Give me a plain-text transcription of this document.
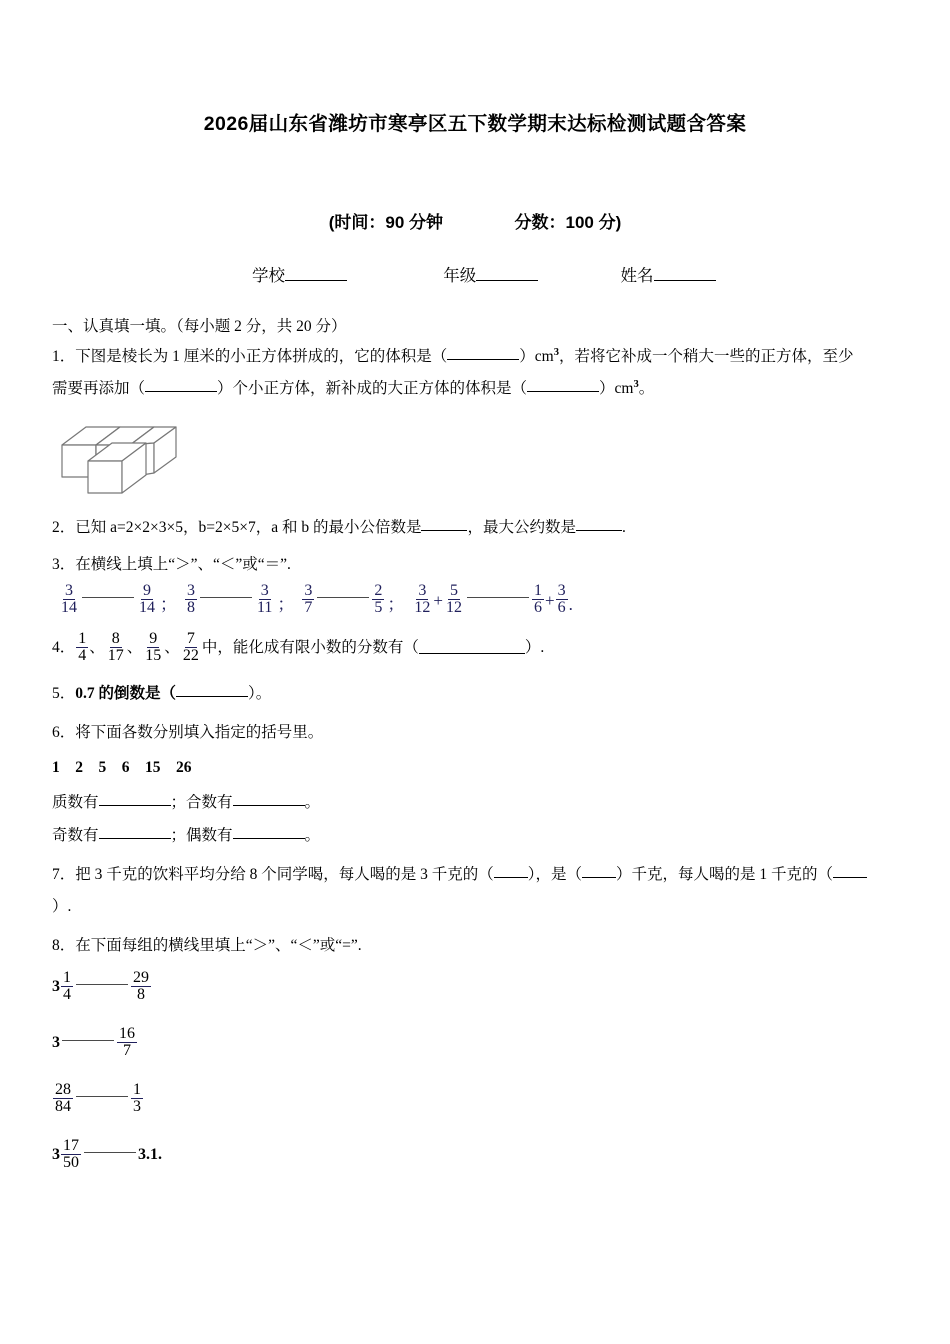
2026届山东省潍坊市寒亭区五下数学期末达标检测试题含答案
(时间：90 分钟	分数：100 分)
学校	年级	姓名
一、认真填一填。（每小题 2 分，共 20 分）
1．下图是棱长为 1 厘米的小正方体拼成的，它的体积是（	）$cm^3$，若将它补成一个稍大一些的正方体，至少
需要再添加（	）个小正方体，新补成的大正方体的体积是（	）$cm^3$。
2．已知 a=2×2×3×5，b=2×5×7，a 和 b 的最小公倍数是	，最大公约数是	.
3．在横线上填上“＞”、“＜”或“＝”.
$\frac{3}{14}$	$\frac{9}{14}$ ； $\frac{3}{8}$	$\frac{3}{11}$ ； $\frac{3}{7}$	$\frac{2}{5}$ ； $\frac{3}{12} + \frac{5}{12}$	$\frac{1}{6} + \frac{3}{6}$ .
4． $\frac{1}{4}$ 、 $\frac{8}{17}$ 、 $\frac{9}{15}$ 、 $\frac{7}{22}$ 中，能化成有限小数的分数有（	）.
5．0.7 的倒数是（	）。
6．将下面各数分别填入指定的括号里。
1　2　5　6　15　26
质数有	；合数有	。
奇数有	；偶数有	。
7．把 3 千克的饮料平均分给 8 个同学喝，每人喝的是 3 千克的（ ），是（ ）千克，每人喝的是 1 千克的（
）.
8．在下面每组的横线里填上“＞”、“＜”或“=”.
$3 \frac{1}{4}$	$\frac{29}{8}$
3	$\frac{16}{7}$
$\frac{28}{84}$	$\frac{1}{3}$
$3 \frac{17}{50}$	3.1.
